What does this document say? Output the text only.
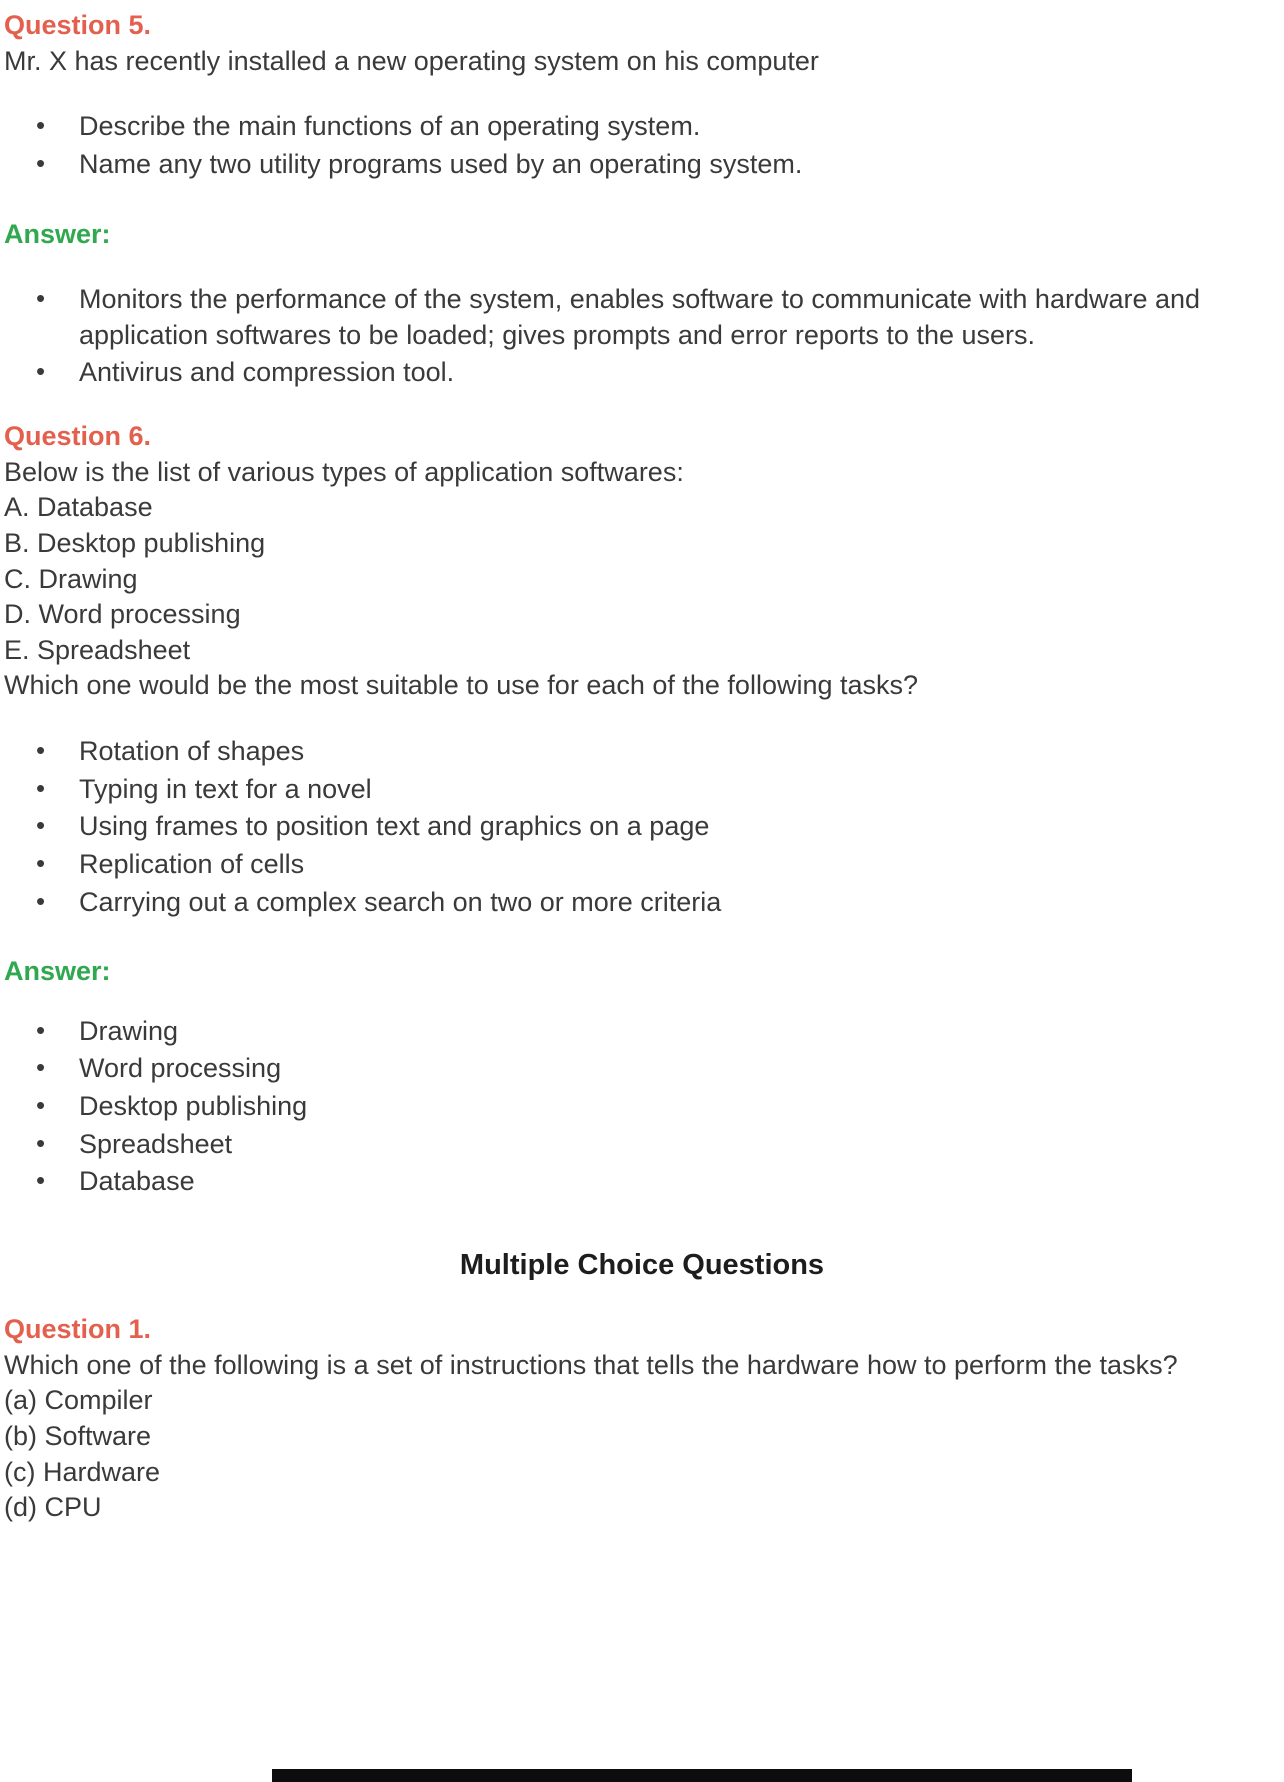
Question 5.

Mr. X has recently installed a new operating system on his computer

• Describe the main functions of an operating system.
• Name any two utility programs used by an operating system.
Answer:
• Monitors the performance of the system, enables software to communicate with hardware and application softwares to be loaded; gives prompts and error reports to the users.
• Antivirus and compression tool.
Question 6.

Below is the list of various types of application softwares:

A. Database
B. Desktop publishing
C. Drawing
D. Word processing
E. Spreadsheet

Which one would be the most suitable to use for each of the following tasks?

• Rotation of shapes
• Typing in text for a novel
• Using frames to position text and graphics on a page
• Replication of cells
• Carrying out a complex search on two or more criteria
Answer:
• Drawing
• Word processing
• Desktop publishing
• Spreadsheet
• Database
Multiple Choice Questions
Question 1.

Which one of the following is a set of instructions that tells the hardware how to perform the tasks?

(a) Compiler
(b) Software
(c) Hardware
(d) CPU
